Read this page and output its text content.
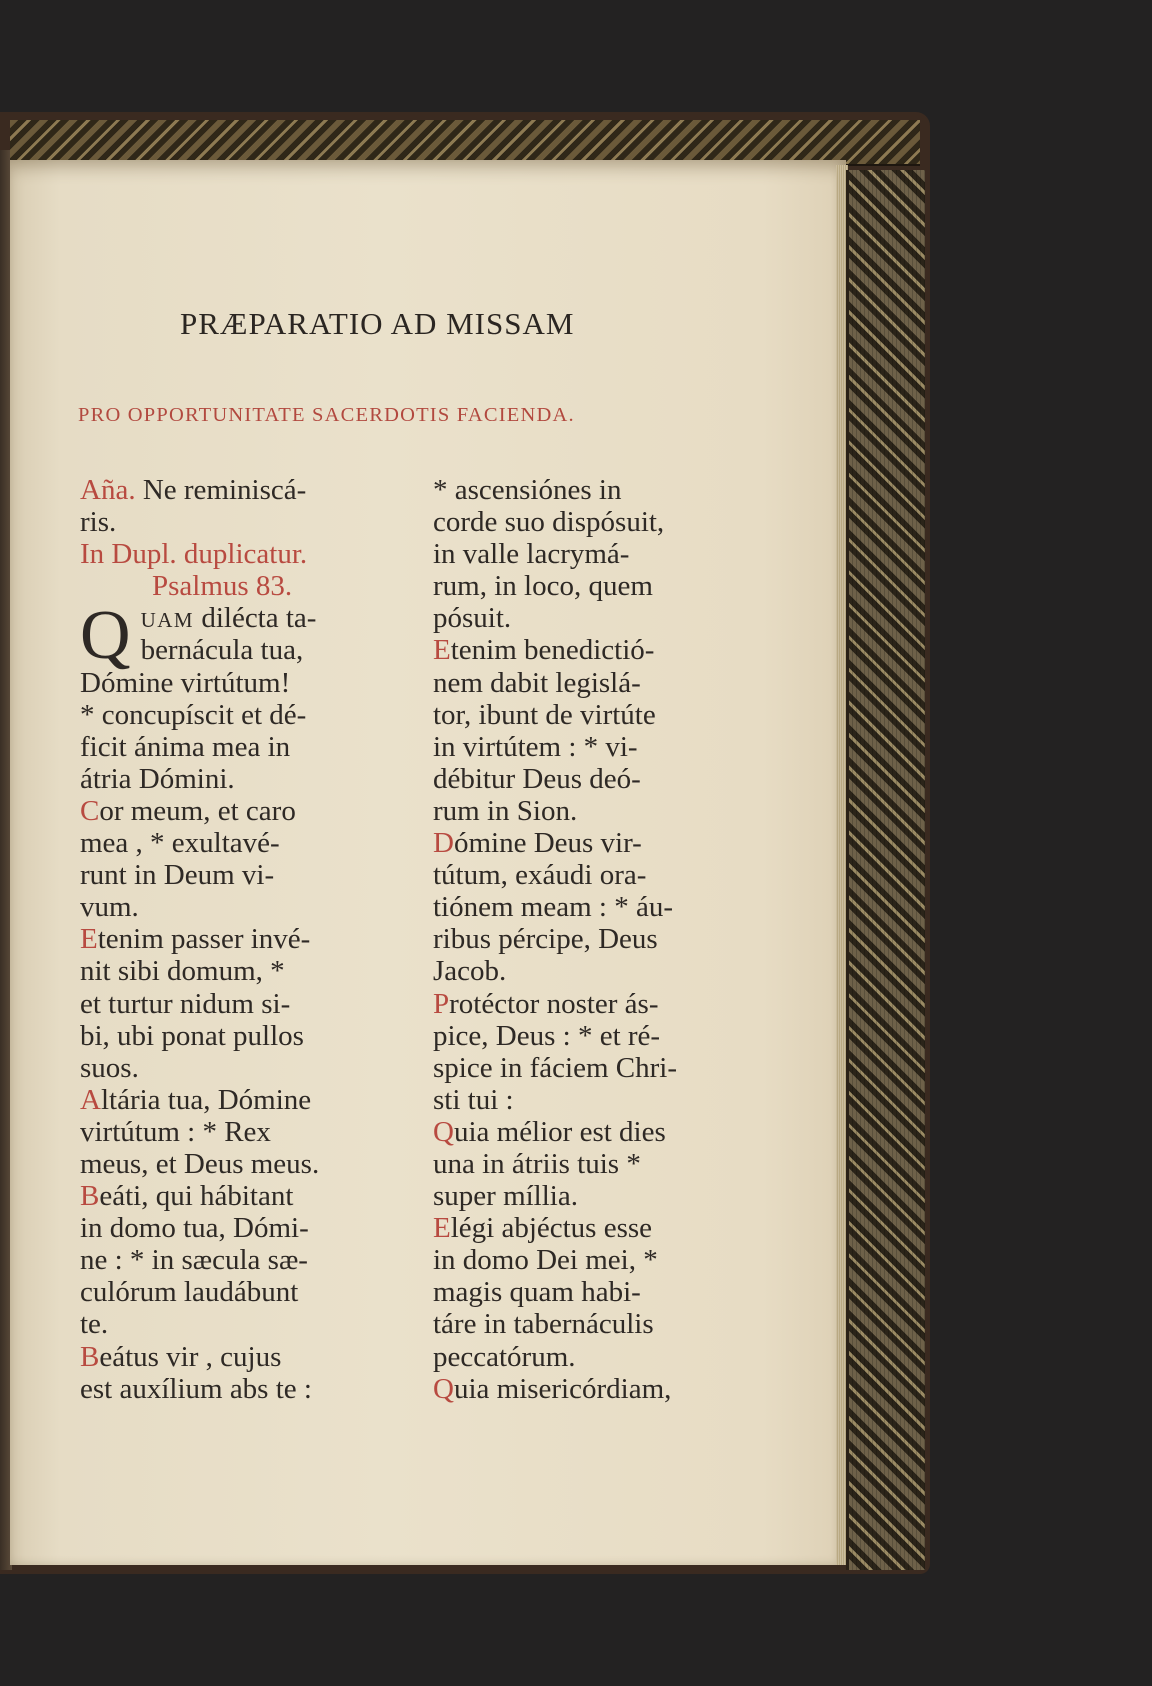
PRÆPARATIO AD MISSAM
PRO OPPORTUNITATE SACERDOTIS FACIENDA.
Aña.
Ne reminiscá-
ris.
In Dupl. duplicatur.
Psalmus 83.
Q UAM dilécta ta-
bernácula tua,
Dómine virtútum!
* concupíscit et dé-
ficit ánima mea in
átria Dómini.
Cor meum, et caro
mea , * exultavé-
runt in Deum vi-
vum.
Etenim passer invé-
nit sibi domum, *
et turtur nidum si-
bi, ubi ponat pullos
suos.
Altária tua, Dómine
virtútum : * Rex
meus, et Deus meus.
Beáti, qui hábitant
in domo tua, Dómi-
ne : * in sæcula sæ-
culórum laudábunt
te.
Beátus vir , cujus
est auxílium abs te :
* ascensiónes in
corde suo dispósuit,
in valle lacrymá-
rum, in loco, quem
pósuit.
Etenim benedictió-
nem dabit legislá-
tor, ibunt de virtúte
in virtútem : * vi-
débitur Deus deó-
rum in Sion.
Dómine Deus vir-
tútum, exáudi ora-
tiónem meam : * áu-
ribus pércipe, Deus
Jacob.
Protéctor noster ás-
pice, Deus : * et ré-
spice in fáciem Chri-
sti tui :
Quia mélior est dies
una in átriis tuis *
super míllia.
Elégi abjéctus esse
in domo Dei mei, *
magis quam habi-
táre in tabernáculis
peccatórum.
Quia misericórdiam,
